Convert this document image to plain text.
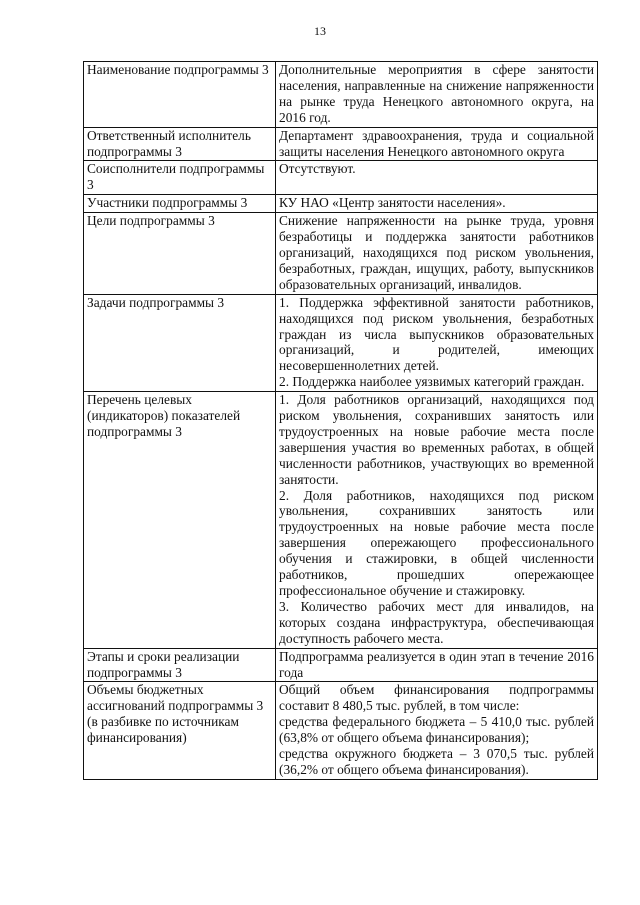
13
Наименование подпрограммы 3	Дополнительные мероприятия в сфере занятости населения, направленные на снижение напряженности на рынке труда Ненецкого автономного округа, на 2016 год.

Ответственный исполнитель подпрограммы 3	Департамент здравоохранения, труда и социальной защиты населения Ненецкого автономного округа

Соисполнители подпрограммы 3	Отсутствуют.

Участники подпрограммы 3	КУ НАО «Центр занятости населения».

Цели подпрограммы 3	Снижение напряженности на рынке труда, уровня безработицы и поддержка занятости работников организаций, находящихся под риском увольнения, безработных, граждан, ищущих, работу, выпускников образовательных организаций, инвалидов.

Задачи подпрограммы 3	1. Поддержка эффективной занятости работников, находящихся под риском увольнения, безработных граждан из числа выпускников образовательных организаций, и родителей, имеющих несовершеннолетних детей.
2. Поддержка наиболее уязвимых категорий граждан.

Перечень целевых (индикаторов) показателей подпрограммы 3	1. Доля работников организаций, находящихся под риском увольнения, сохранивших занятость или трудоустроенных на новые рабочие места после завершения участия во временных работах, в общей численности работников, участвующих во временной занятости.
2. Доля работников, находящихся под риском увольнения, сохранивших занятость или трудоустроенных на новые рабочие места после завершения опережающего профессионального обучения и стажировки, в общей численности работников, прошедших опережающее профессиональное обучение и стажировку.
3. Количество рабочих мест для инвалидов, на которых создана инфраструктура, обеспечивающая доступность рабочего места.

Этапы и сроки реализации подпрограммы 3	Подпрограмма реализуется в один этап в течение 2016 года

Объемы бюджетных ассигнований подпрограммы 3 (в разбивке по источникам финансирования)	Общий объем финансирования подпрограммы составит 8 480,5 тыс. рублей, в том числе:
средства федерального бюджета – 5 410,0 тыс. рублей (63,8% от общего объема финансирования);
средства окружного бюджета – 3 070,5 тыс. рублей (36,2% от общего объема финансирования).
